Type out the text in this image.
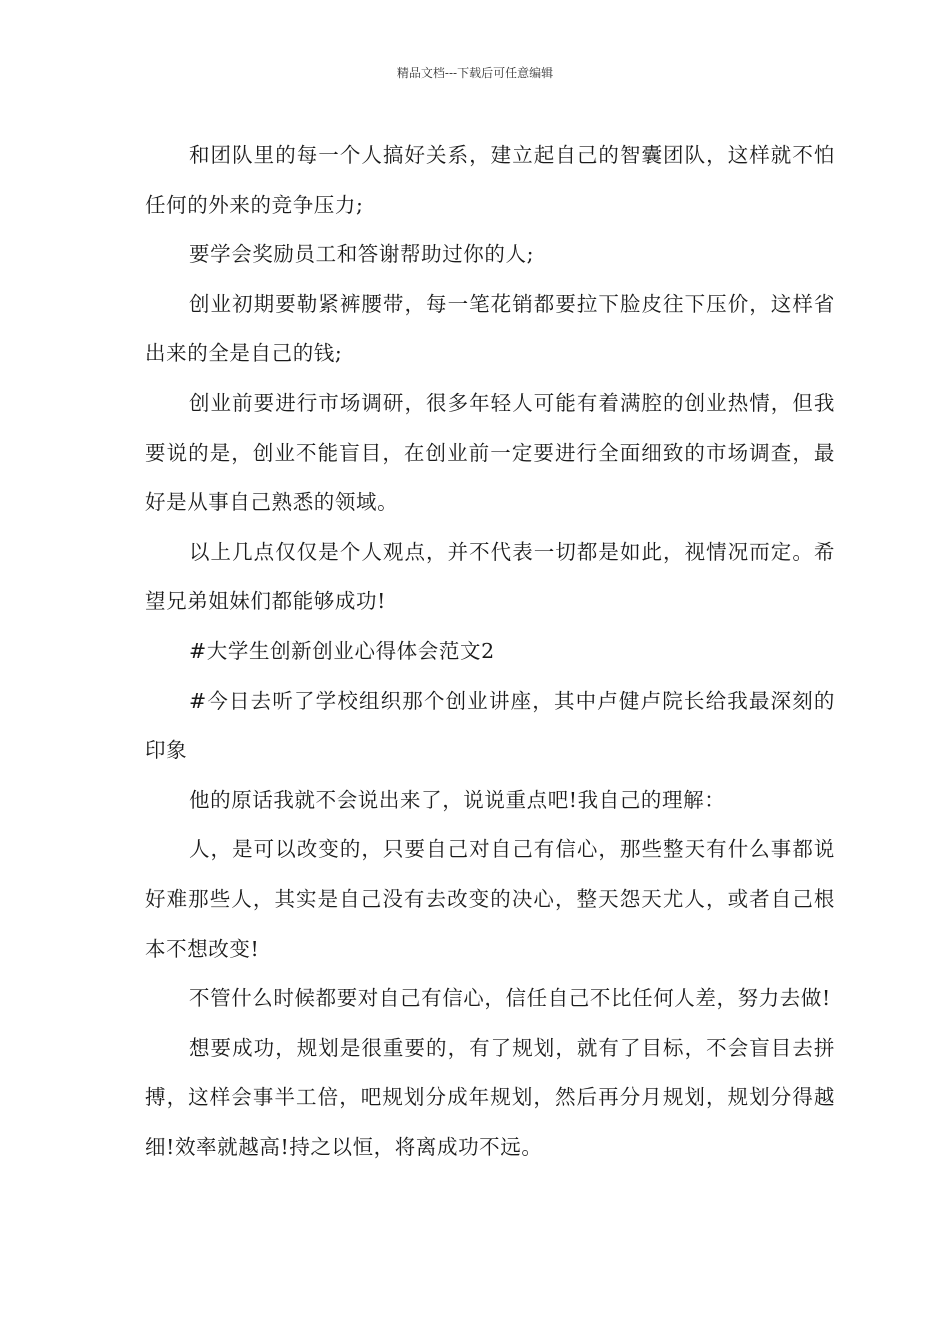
精品文档---下载后可任意编辑

和团队里的每一个人搞好关系，建立起自己的智囊团队，这样就不怕任何的外来的竞争压力;

要学会奖励员工和答谢帮助过你的人;

创业初期要勒紧裤腰带，每一笔花销都要拉下脸皮往下压价，这样省出来的全是自己的钱;

创业前要进行市场调研，很多年轻人可能有着满腔的创业热情，但我要说的是，创业不能盲目，在创业前一定要进行全面细致的市场调查，最好是从事自己熟悉的领域。

以上几点仅仅是个人观点，并不代表一切都是如此，视情况而定。希望兄弟姐妹们都能够成功!

#大学生创新创业心得体会范文2

#今日去听了学校组织那个创业讲座，其中卢健卢院长给我最深刻的印象

他的原话我就不会说出来了，说说重点吧!我自己的理解：

人，是可以改变的，只要自己对自己有信心，那些整天有什么事都说好难那些人，其实是自己没有去改变的决心，整天怨天尤人，或者自己根本不想改变!

不管什么时候都要对自己有信心，信任自己不比任何人差，努力去做!

想要成功，规划是很重要的，有了规划，就有了目标，不会盲目去拼搏，这样会事半工倍，吧规划分成年规划，然后再分月规划，规划分得越细!效率就越高!持之以恒，将离成功不远。
